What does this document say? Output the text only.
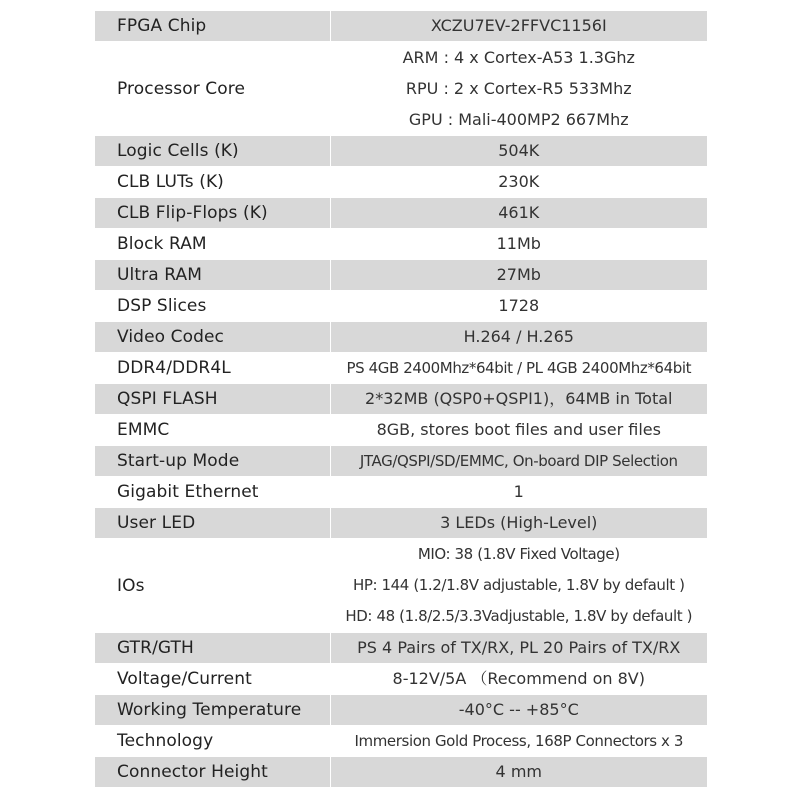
FPGA Chip	XCZU7EV-2FFVC1156I

Processor Core	ARM : 4 x Cortex-A53 1.3Ghz
RPU : 2 x Cortex-R5 533Mhz
GPU : Mali-400MP2 667Mhz

Logic Cells (K)	504K

CLB LUTs (K)	230K

CLB Flip-Flops (K)	461K

Block RAM	11Mb

Ultra RAM	27Mb

DSP Slices	1728

Video Codec	H.264 / H.265

DDR4/DDR4L	PS 4GB 2400Mhz*64bit / PL 4GB 2400Mhz*64bit

QSPI FLASH	2*32MB (QSP0+QSPI1)，64MB in Total

EMMC	8GB, stores boot files and user files

Start-up Mode	JTAG/QSPI/SD/EMMC, On-board DIP Selection

Gigabit Ethernet	1

User LED	3 LEDs (High-Level)

IOs	MIO: 38 (1.8V Fixed Voltage)
HP: 144 (1.2/1.8V adjustable, 1.8V by default )
HD: 48 (1.8/2.5/3.3Vadjustable, 1.8V by default )

GTR/GTH	PS 4 Pairs of TX/RX, PL 20 Pairs of TX/RX

Voltage/Current	8-12V/5A （Recommend on 8V)

Working Temperature	-40°C -- +85°C

Technology	Immersion Gold Process, 168P Connectors x 3

Connector Height	4 mm
